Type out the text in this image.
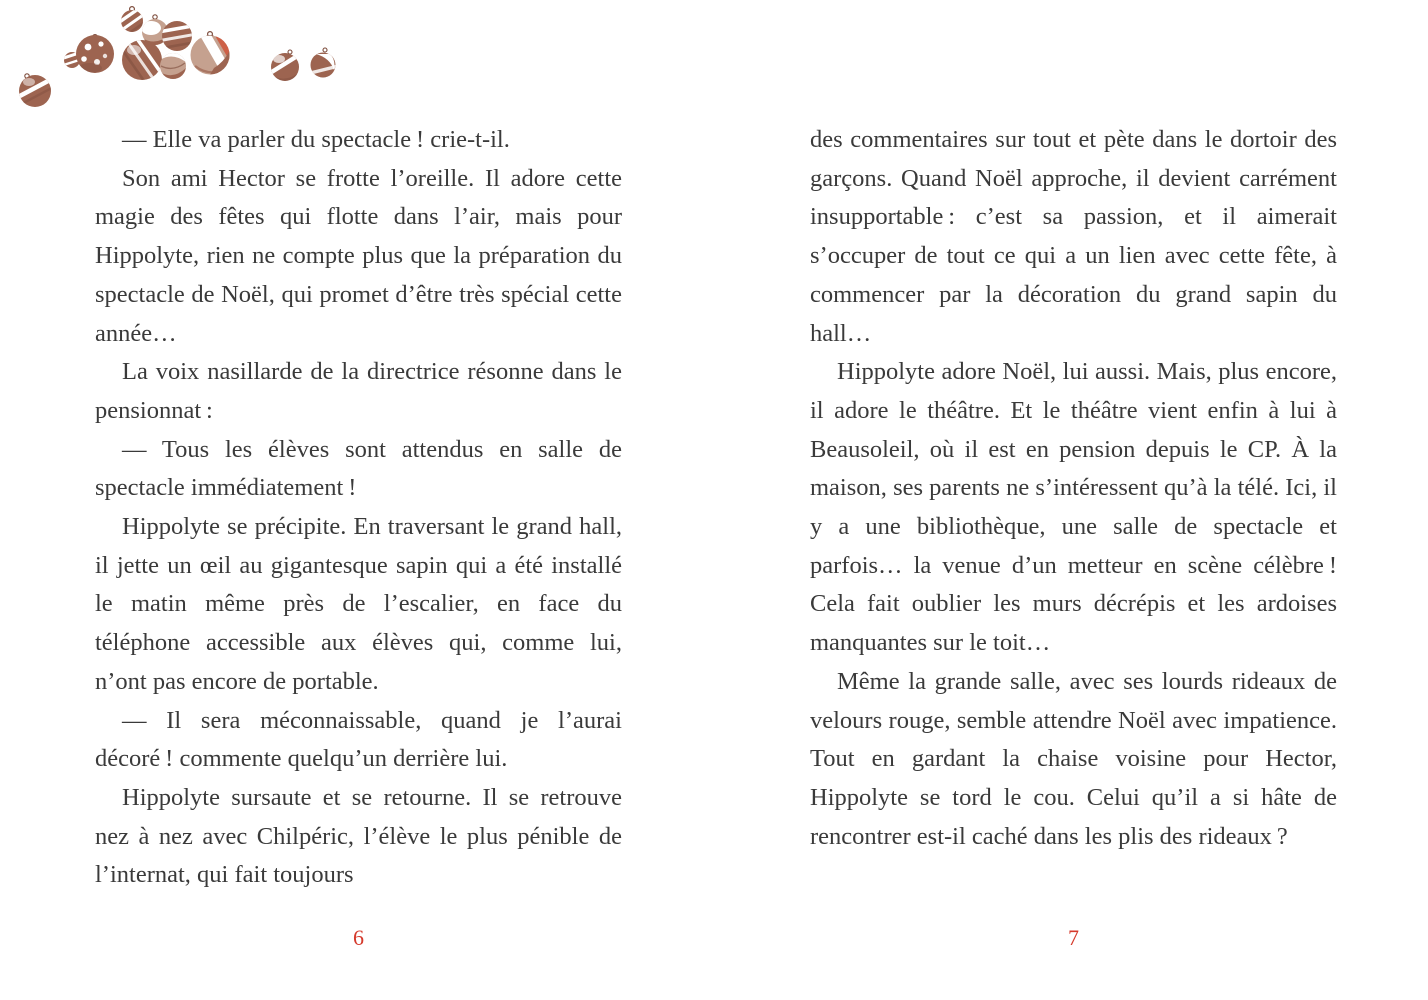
— Elle va parler du spectacle ! crie-t-il.

Son ami Hector se frotte l’oreille. Il adore cette magie des fêtes qui flotte dans l’air, mais pour Hippolyte, rien ne compte plus que la préparation du spectacle de Noël, qui promet d’être très spécial cette année…

La voix nasillarde de la directrice résonne dans le pensionnat :

— Tous les élèves sont attendus en salle de spectacle immédiatement !

Hippolyte se précipite. En traversant le grand hall, il jette un œil au gigantesque sapin qui a été installé le matin même près de l’escalier, en face du téléphone accessible aux élèves qui, comme lui, n’ont pas encore de portable.

— Il sera méconnaissable, quand je l’aurai décoré ! commente quelqu’un derrière lui.

Hippolyte sursaute et se retourne. Il se retrouve nez à nez avec Chilpéric, l’élève le plus pénible de l’internat, qui fait toujours

des commentaires sur tout et pète dans le dortoir des garçons. Quand Noël approche, il devient carrément insupportable : c’est sa passion, et il aimerait s’occuper de tout ce qui a un lien avec cette fête, à commencer par la décoration du grand sapin du hall…

Hippolyte adore Noël, lui aussi. Mais, plus encore, il adore le théâtre. Et le théâtre vient enfin à lui à Beausoleil, où il est en pension depuis le CP. À la maison, ses parents ne s’intéressent qu’à la télé. Ici, il y a une bibliothèque, une salle de spectacle et parfois… la venue d’un metteur en scène célèbre ! Cela fait oublier les murs décrépis et les ardoises manquantes sur le toit…

Même la grande salle, avec ses lourds rideaux de velours rouge, semble attendre Noël avec impatience. Tout en gardant la chaise voisine pour Hector, Hippolyte se tord le cou. Celui qu’il a si hâte de rencontrer est-il caché dans les plis des rideaux ?

6	7
